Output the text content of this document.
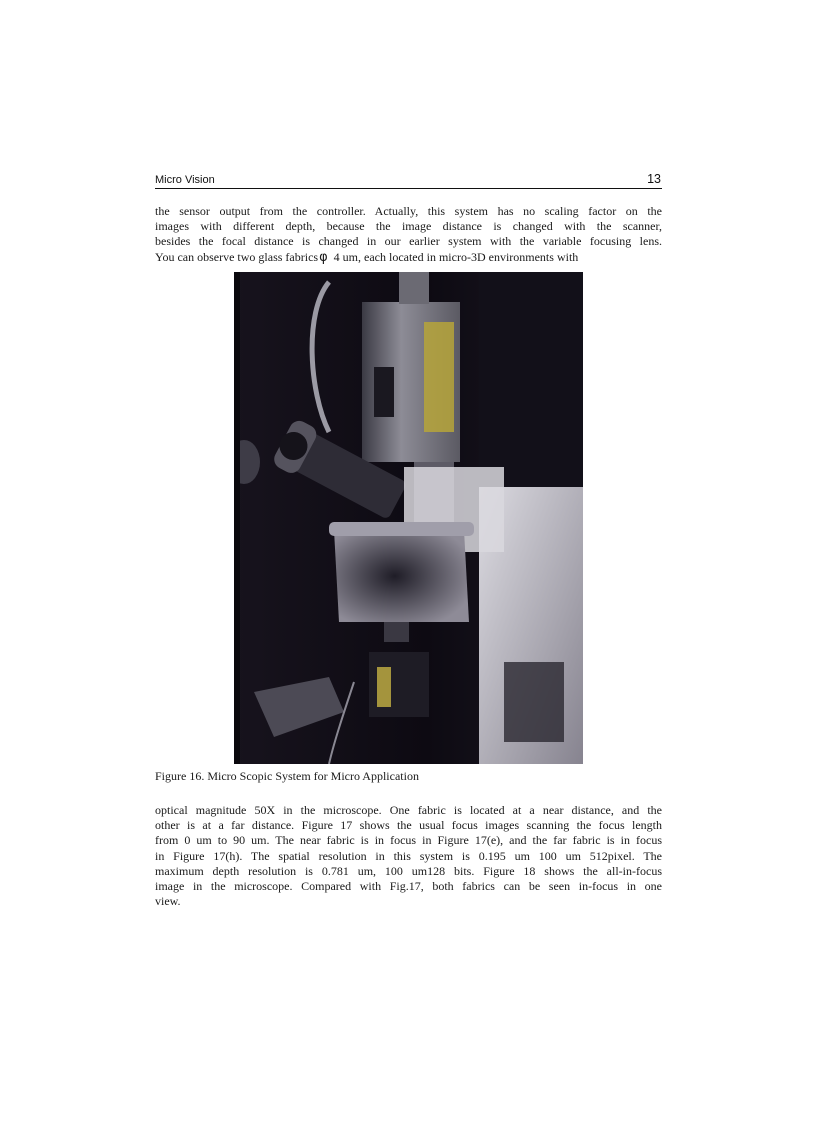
Micro Vision	13

the sensor output from the controller. Actually, this system has no scaling factor on the
images with different depth, because the image distance is changed with the scanner,
besides the focal distance is changed in our earlier system with the variable focusing lens.
You can observe two glass fabricsφ 4 um, each located in micro-3D environments with

Figure 16. Micro Scopic System for Micro Application

optical magnitude 50X in the microscope. One fabric is located at a near distance, and the
other is at a far distance. Figure 17 shows the usual focus images scanning the focus length
from 0 um to 90 um. The near fabric is in focus in Figure 17(e), and the far fabric is in focus
in Figure 17(h). The spatial resolution in this system is 0.195 um 100 um 512pixel. The
maximum depth resolution is 0.781 um, 100 um128 bits. Figure 18 shows the all-in-focus
image in the microscope. Compared with Fig.17, both fabrics can be seen in-focus in one
view.
